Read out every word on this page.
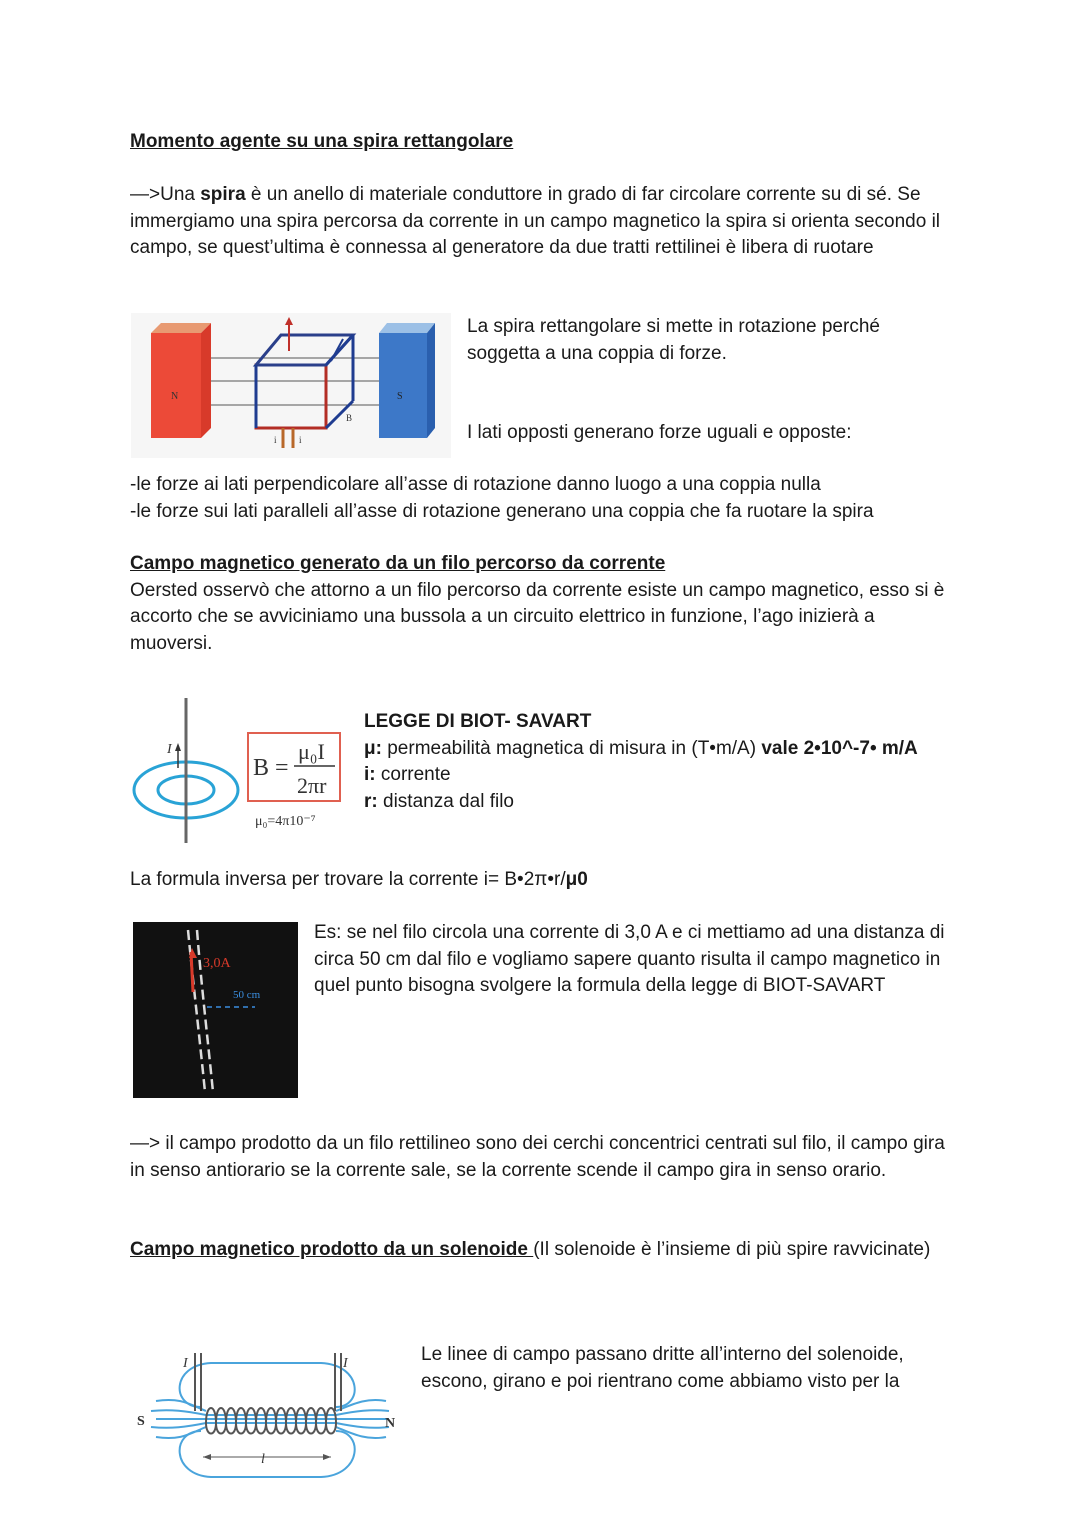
Momento agente su una spira rettangolare

—>Una spira è un anello di materiale conduttore in grado di far circolare corrente su di sé. Se immergiamo una spira percorsa da corrente in un campo magnetico la spira si orienta secondo il campo, se quest’ultima è connessa al generatore da due tratti rettilinei è libera di ruotare

N	S
i i
B

La spira rettangolare si mette in rotazione perché soggetta a una coppia di forze.

I lati opposti generano forze uguali e opposte:

-le forze ai lati perpendicolare all’asse di rotazione danno luogo a una coppia nulla

-le forze sui lati paralleli all’asse di rotazione generano una coppia che fa ruotare la spira

Campo magnetico generato da un filo percorso da corrente

Oersted osservò che attorno a un filo percorso da corrente esiste un campo magnetico, esso si è accorto che se avviciniamo una bussola a un circuito elettrico in funzione, l’ago inizierà a muoversi.

I
B =
μ₀I
2πr
μ₀=4π10⁻⁷

LEGGE DI BIOT- SAVART

μ: permeabilità magnetica di misura in (T•m/A) vale 2•10^-7• m/A

i: corrente

r: distanza dal filo

La formula inversa per trovare la corrente i= B•2π•r/μ0

3,0A
50 cm

Es: se nel filo circola una corrente di 3,0 A e ci mettiamo ad una distanza di circa 50 cm dal filo e vogliamo sapere quanto risulta il campo magnetico in quel punto bisogna svolgere la formula della legge di BIOT-SAVART

—> il campo prodotto da un filo rettilineo sono dei cerchi concentrici centrati sul filo, il campo gira in senso antiorario se la corrente sale, se la corrente scende il campo gira in senso orario.

Campo magnetico prodotto da un solenoide (Il solenoide è l’insieme di più spire ravvicinate)

l
S	N
I	I	Le linee di campo passano dritte all’interno del solenoide, escono, girano e poi rientrano come abbiamo visto per la
